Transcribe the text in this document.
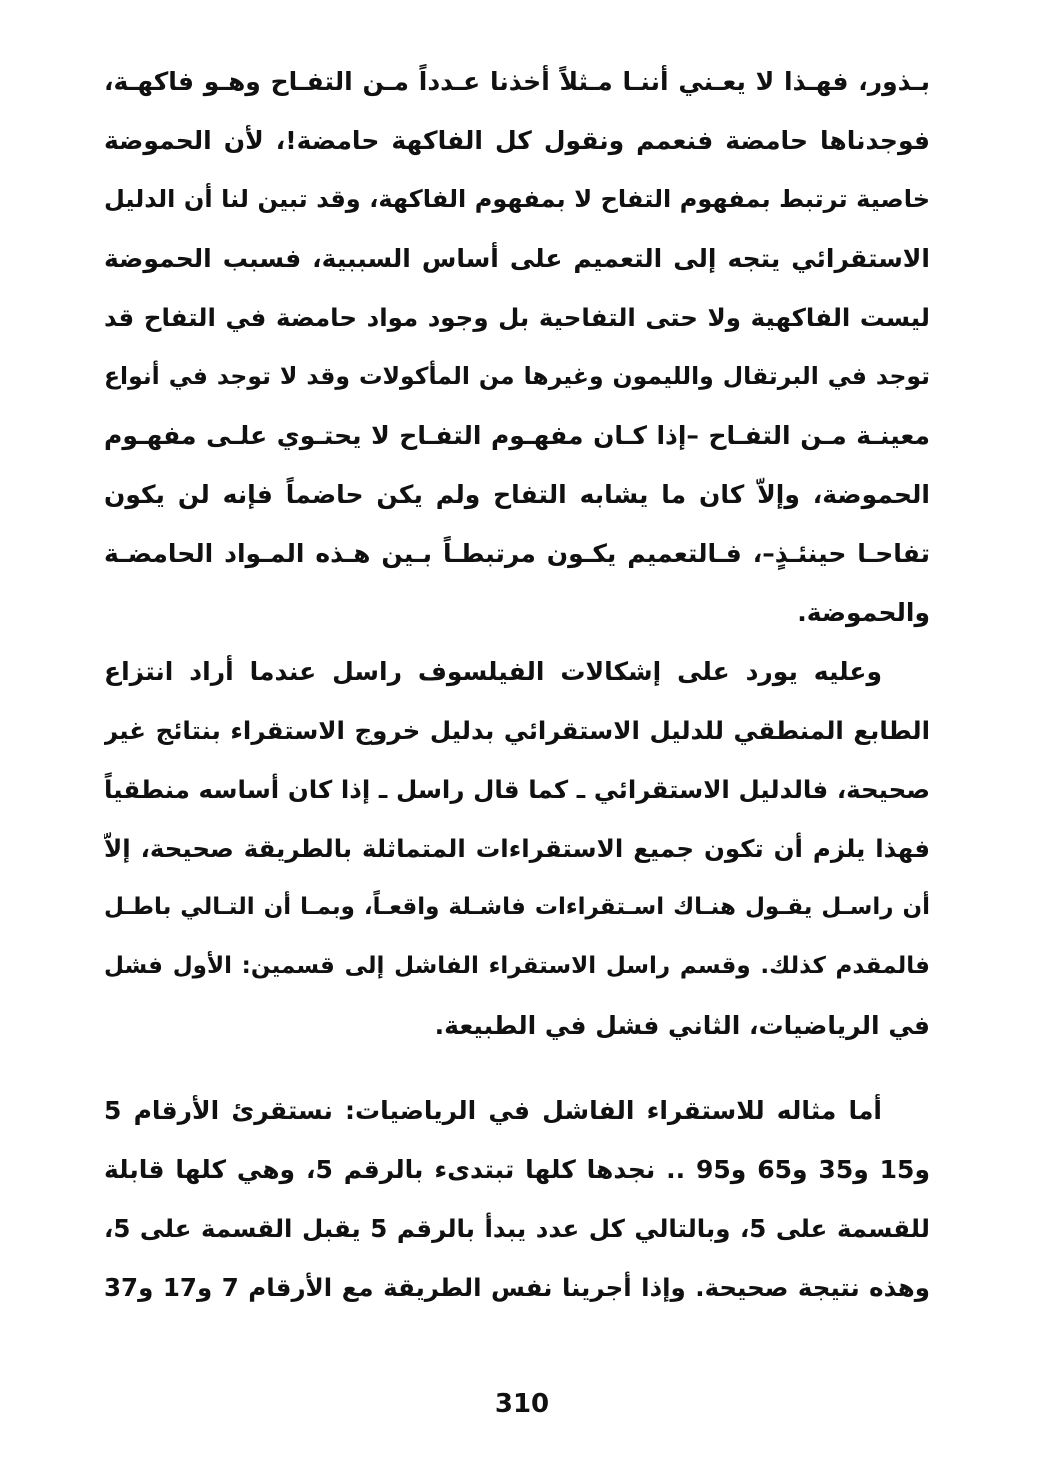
بـذور، فهـذا لا يعـني أننـا مـثلاً أخذنا عـدداً مـن التفـاح وهـو فاكهـة،
فوجدناها حامضة فنعمم ونقول كل الفاكهة حامضة!، لأن الحموضة
خاصية ترتبط بمفهوم التفاح لا بمفهوم الفاكهة، وقد تبين لنا أن الدليل
الاستقرائي يتجه إلى التعميم على أساس السببية، فسبب الحموضة
ليست الفاكهية ولا حتى التفاحية بل وجود مواد حامضة في التفاح قد
توجد في البرتقال والليمون وغيرها من المأكولات وقد لا توجد في أنواع
معينـة مـن التفـاح –إذا كـان مفهـوم التفـاح لا يحتـوي علـى مفهـوم
الحموضة، وإلاّ كان ما يشابه التفاح ولم يكن حاضماً فإنه لن يكون
تفاحـا حينئـذٍ–، فـالتعميم يكـون مرتبطـاً بـين هـذه المـواد الحامضـة
والحموضة.
وعليه يورد على إشكالات الفيلسوف راسل عندما أراد انتزاع
الطابع المنطقي للدليل الاستقرائي بدليل خروج الاستقراء بنتائج غير
صحيحة، فالدليل الاستقرائي ـ كما قال راسل ـ إذا كان أساسه منطقياً
فهذا يلزم أن تكون جميع الاستقراءات المتماثلة بالطريقة صحيحة، إلاّ
أن راسـل يقـول هنـاك اسـتقراءات فاشـلة واقعـاً، وبمـا أن التـالي باطـل
فالمقدم كذلك. وقسم راسل الاستقراء الفاشل إلى قسمين: الأول فشل
في الرياضيات، الثاني فشل في الطبيعة.
أما مثاله للاستقراء الفاشل في الرياضيات: نستقرئ الأرقام 5
و15 و35 و65 و95 .. نجدها كلها تبتدىء بالرقم 5، وهي كلها قابلة
للقسمة على 5، وبالتالي كل عدد يبدأ بالرقم 5 يقبل القسمة على 5،
وهذه نتيجة صحيحة. وإذا أجرينا نفس الطريقة مع الأرقام 7 و17 و37
310
